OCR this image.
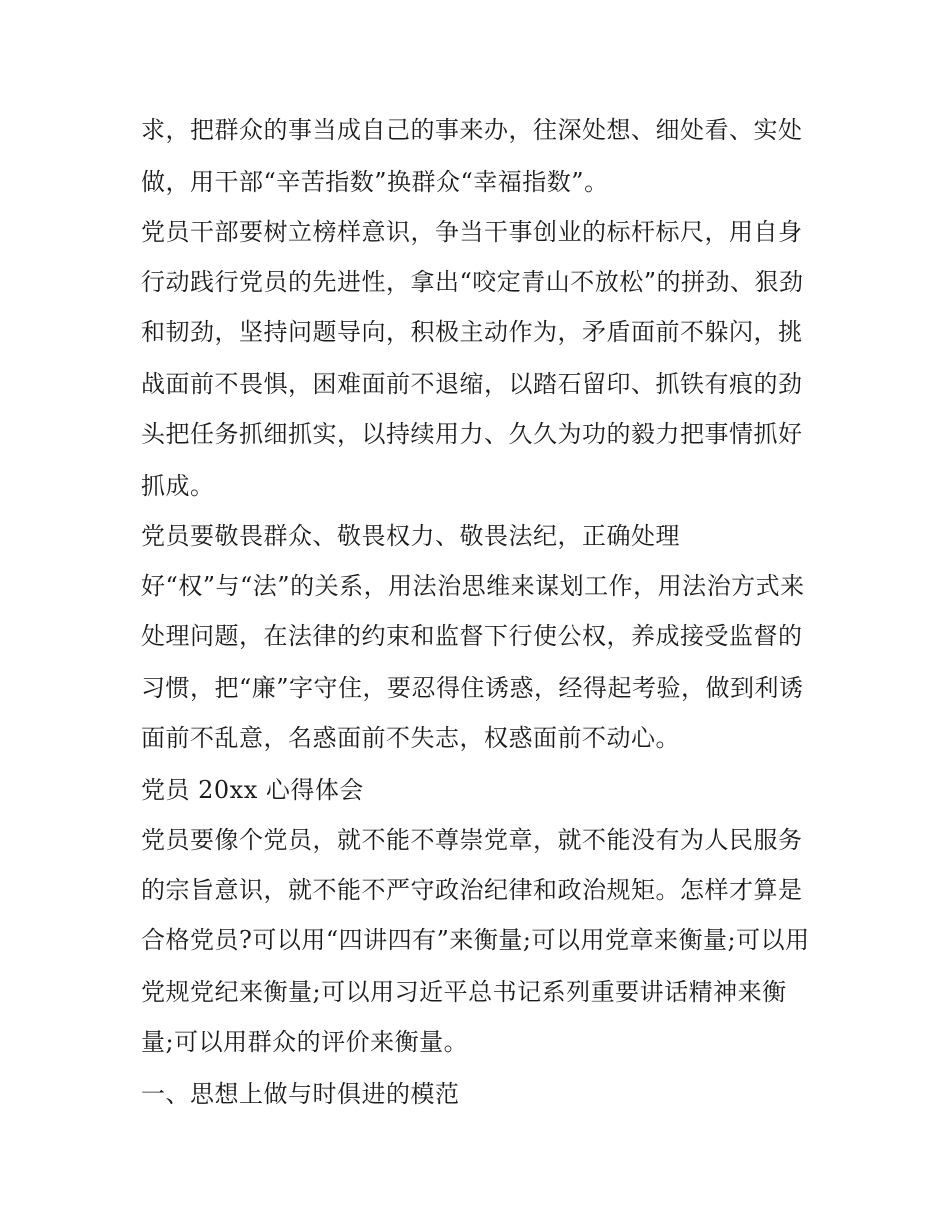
求，把群众的事当成自己的事来办，往深处想、细处看、实处
做，用干部“辛苦指数”换群众“幸福指数”。
党员干部要树立榜样意识，争当干事创业的标杆标尺，用自身
行动践行党员的先进性，拿出“咬定青山不放松”的拼劲、狠劲
和韧劲，坚持问题导向，积极主动作为，矛盾面前不躲闪，挑
战面前不畏惧，困难面前不退缩，以踏石留印、抓铁有痕的劲
头把任务抓细抓实，以持续用力、久久为功的毅力把事情抓好
抓成。
党员要敬畏群众、敬畏权力、敬畏法纪，正确处理
好“权”与“法”的关系，用法治思维来谋划工作，用法治方式来
处理问题，在法律的约束和监督下行使公权，养成接受监督的
习惯，把“廉”字守住，要忍得住诱惑，经得起考验，做到利诱
面前不乱意，名惑面前不失志，权惑面前不动心。
党员 20xx 心得体会
党员要像个党员，就不能不尊崇党章，就不能没有为人民服务
的宗旨意识，就不能不严守政治纪律和政治规矩。怎样才算是
合格党员?可以用“四讲四有”来衡量;可以用党章来衡量;可以用
党规党纪来衡量;可以用习近平总书记系列重要讲话精神来衡
量;可以用群众的评价来衡量。
一、思想上做与时俱进的模范
